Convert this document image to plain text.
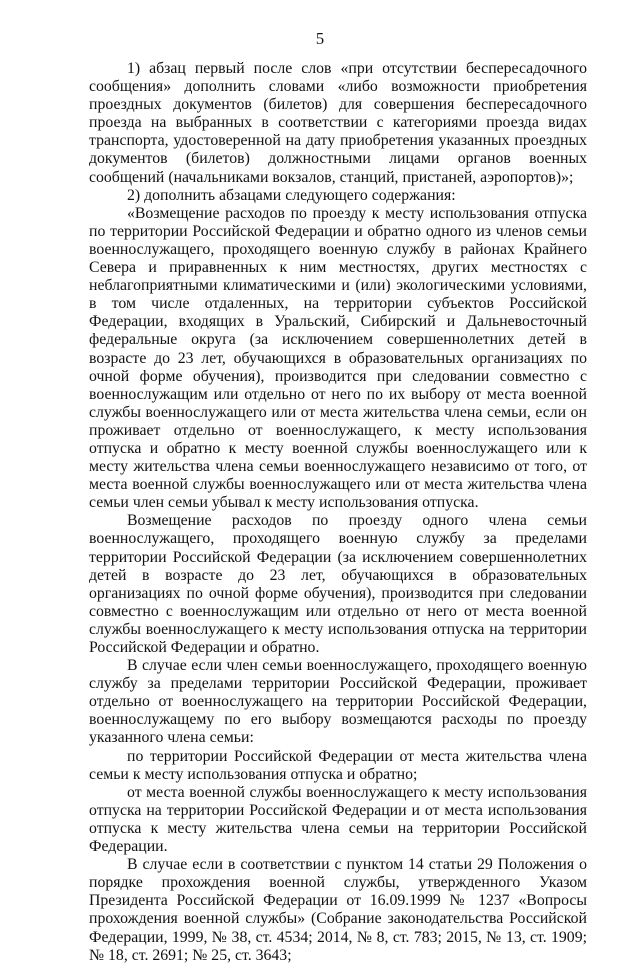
5

1) абзац первый после слов «при отсутствии беспересадочного сообщения» дополнить словами «либо возможности приобретения проездных документов (билетов) для совершения беспересадочного проезда на выбранных в соответствии с категориями проезда видах транспорта, удостоверенной на дату приобретения указанных проездных документов (билетов) должностными лицами органов военных сообщений (начальниками вокзалов, станций, пристаней, аэропортов)»;

2) дополнить абзацами следующего содержания:

«Возмещение расходов по проезду к месту использования отпуска по территории Российской Федерации и обратно одного из членов семьи военнослужащего, проходящего военную службу в районах Крайнего Севера и приравненных к ним местностях, других местностях с неблагоприятными климатическими и (или) экологическими условиями, в том числе отдаленных, на территории субъектов Российской Федерации, входящих в Уральский, Сибирский и Дальневосточный федеральные округа (за исключением совершеннолетних детей в возрасте до 23 лет, обучающихся в образовательных организациях по очной форме обучения), производится при следовании совместно с военнослужащим или отдельно от него по их выбору от места военной службы военнослужащего или от места жительства члена семьи, если он проживает отдельно от военнослужащего, к месту использования отпуска и обратно к месту военной службы военнослужащего или к месту жительства члена семьи военнослужащего независимо от того, от места военной службы военнослужащего или от места жительства члена семьи член семьи убывал к месту использования отпуска.

Возмещение расходов по проезду одного члена семьи военнослужащего, проходящего военную службу за пределами территории Российской Федерации (за исключением совершеннолетних детей в возрасте до 23 лет, обучающихся в образовательных организациях по очной форме обучения), производится при следовании совместно с военнослужащим или отдельно от него от места военной службы военнослужащего к месту использования отпуска на территории Российской Федерации и обратно.

В случае если член семьи военнослужащего, проходящего военную службу за пределами территории Российской Федерации, проживает отдельно от военнослужащего на территории Российской Федерации, военнослужащему по его выбору возмещаются расходы по проезду указанного члена семьи:

по территории Российской Федерации от места жительства члена семьи к месту использования отпуска и обратно;

от места военной службы военнослужащего к месту использования отпуска на территории Российской Федерации и от места использования отпуска к месту жительства члена семьи на территории Российской Федерации.

В случае если в соответствии с пунктом 14 статьи 29 Положения о порядке прохождения военной службы, утвержденного Указом Президента Российской Федерации от 16.09.1999 № 1237 «Вопросы прохождения военной службы» (Собрание законодательства Российской Федерации, 1999, № 38, ст. 4534; 2014, № 8, ст. 783; 2015, № 13, ст. 1909; № 18, ст. 2691; № 25, ст. 3643;
